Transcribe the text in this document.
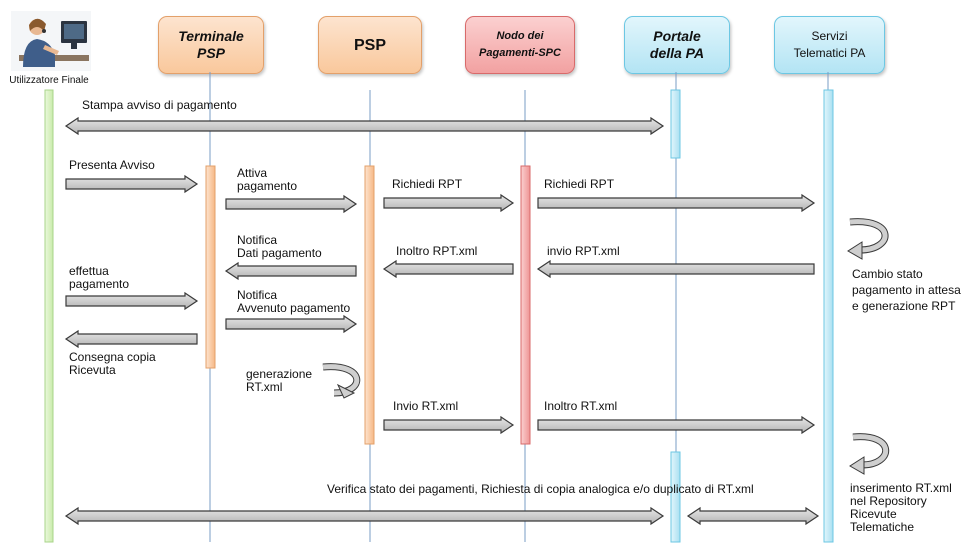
Terminale
PSP	PSP
Nodo dei
Pagamenti-SPC
Portale
della PA
Servizi
Telematici PA
Utilizzatore Finale
Stampa avviso di pagamento
Presenta Avviso
Attiva
pagamento	Richiedi RPT	Richiedi RPT
Notifica
Dati pagamento	Inoltro RPT.xml	invio RPT.xml
effettua
pagamento
Notifica
Avvenuto pagamento
Consegna copia
Ricevuta	generazione
RT.xml
Invio RT.xml	Inoltro RT.xml
Verifica stato dei pagamenti, Richiesta di copia analogica e/o duplicato di RT.xml
Cambio stato
pagamento in attesa
e generazione RPT
inserimento RT.xml
nel Repository
Ricevute
Telematiche
